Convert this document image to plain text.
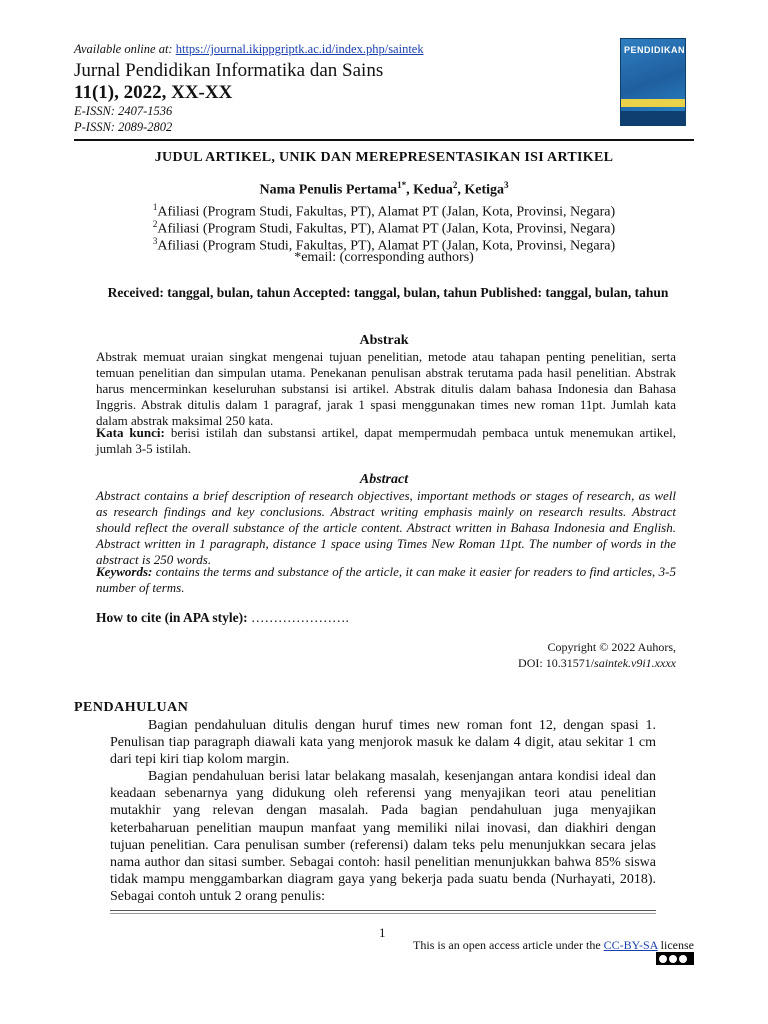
Available online at: https://journal.ikippgriptk.ac.id/index.php/saintek
Jurnal Pendidikan Informatika dan Sains
11(1), 2022, XX-XX
E-ISSN: 2407-1536
P-ISSN: 2089-2802
PENDIDIKAN
JUDUL ARTIKEL, UNIK DAN MEREPRESENTASIKAN ISI ARTIKEL
Nama Penulis Pertama$^{1*}$, Kedua$^2$, Ketiga$^3$
$^1$Afiliasi (Program Studi, Fakultas, PT), Alamat PT (Jalan, Kota, Provinsi, Negara)
$^2$Afiliasi (Program Studi, Fakultas, PT), Alamat PT (Jalan, Kota, Provinsi, Negara)
$^3$Afiliasi (Program Studi, Fakultas, PT), Alamat PT (Jalan, Kota, Provinsi, Negara)
*email: (corresponding authors)
Received: tanggal, bulan, tahun Accepted: tanggal, bulan, tahun Published: tanggal, bulan, tahun
Abstrak
Abstrak memuat uraian singkat mengenai tujuan penelitian, metode atau tahapan penting penelitian, serta temuan penelitian dan simpulan utama. Penekanan penulisan abstrak terutama pada hasil penelitian. Abstrak harus mencerminkan keseluruhan substansi isi artikel. Abstrak ditulis dalam bahasa Indonesia dan Bahasa Inggris. Abstrak ditulis dalam 1 paragraf, jarak 1 spasi menggunakan times new roman 11pt. Jumlah kata dalam abstrak maksimal 250 kata.
Kata kunci: berisi istilah dan substansi artikel, dapat mempermudah pembaca untuk menemukan artikel, jumlah 3-5 istilah.
Abstract
Abstract contains a brief description of research objectives, important methods or stages of research, as well as research findings and key conclusions. Abstract writing emphasis mainly on research results. Abstract should reflect the overall substance of the article content. Abstract written in Bahasa Indonesia and English. Abstract written in 1 paragraph, distance 1 space using Times New Roman 11pt. The number of words in the abstract is 250 words.
Keywords: contains the terms and substance of the article, it can make it easier for readers to find articles, 3-5 number of terms.
How to cite (in APA style): ………………….
Copyright © 2022 Auhors,
DOI: 10.31571/saintek.v9i1.xxxx
PENDAHULUAN
Bagian pendahuluan ditulis dengan huruf times new roman font 12, dengan spasi 1. Penulisan tiap paragraph diawali kata yang menjorok masuk ke dalam 4 digit, atau sekitar 1 cm dari tepi kiri tiap kolom margin.
Bagian pendahuluan berisi latar belakang masalah, kesenjangan antara kondisi ideal dan keadaan sebenarnya yang didukung oleh referensi yang menyajikan teori atau penelitian mutakhir yang relevan dengan masalah. Pada bagian pendahuluan juga menyajikan keterbaharuan penelitian maupun manfaat yang memiliki nilai inovasi, dan diakhiri dengan tujuan penelitian. Cara penulisan sumber (referensi) dalam teks pelu menunjukkan secara jelas nama author dan sitasi sumber. Sebagai contoh: hasil penelitian menunjukkan bahwa 85% siswa tidak mampu menggambarkan diagram gaya yang bekerja pada suatu benda (Nurhayati, 2018). Sebagai contoh untuk 2 orang penulis:
1
This is an open access article under the CC-BY-SA license
